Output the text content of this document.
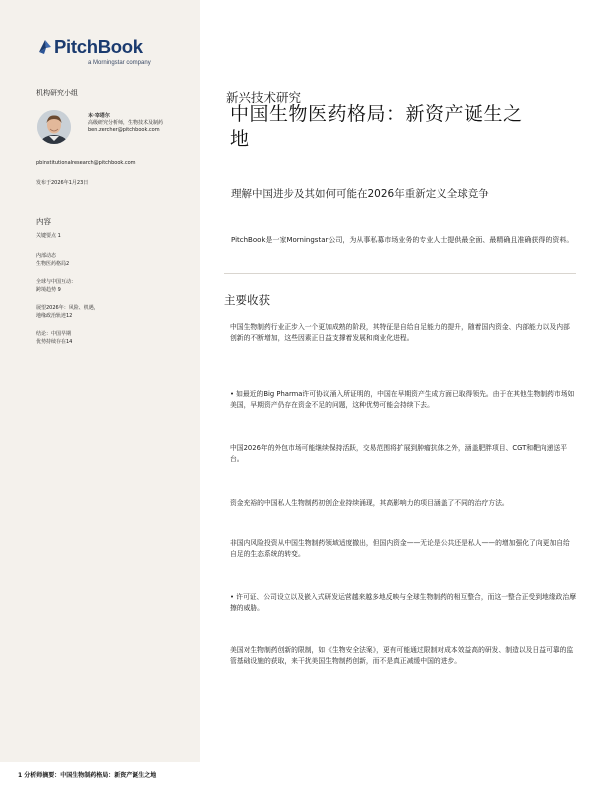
PitchBook
a Morningstar company
机构研究小组
本·宰塔尔
高级研究分析师，生物技术及制药
ben.zercher@pitchbook.com
pbinstitutionalresearch@pitchbook.com
发布于2026年1月23日
内容
关键要点 1
内部动态
生物医药格局2
全球与中国互动：
跨境趋势 9
展望2026年：风险、机遇，
地缘政治轨迹12
结论：中国早期
优势持续存在14
新兴技术研究
中国生物医药格局：新资产诞生之地
理解中国进步及其如何可能在2026年重新定义全球竞争
PitchBook是一家Morningstar公司，为从事私募市场业务的专业人士提供最全面、最精确且准确获得的资料。
主要收获
中国生物制药行业正步入一个更加成熟的阶段，其特征是自给自足能力的提升，随着国内资金、内部能力以及内部创新的不断增加，这些因素正日益支撑着发展和商业化进程。
• 如最近的Big Pharma许可协议涌入所证明的，中国在早期资产生成方面已取得领先。由于在其他生物制药市场如美国，早期资产仍存在资金不足的问题，这种优势可能会持续下去。
中国2026年的外包市场可能继续保持活跃，交易范围将扩展到肿瘤抗体之外，涵盖肥胖项目、CGT和靶向递送平台。
资金充裕的中国私人生物制药初创企业持续涌现，其高影响力的项目涵盖了不同的治疗方法。
非国内风险投资从中国生物制药领域适度撤出，但国内资金——无论是公共还是私人——的增加强化了向更加自给自足的生态系统的转变。
• 许可证、公司设立以及嵌入式研发运营越来越多地反映与全球生物制药的相互整合，而这一整合正受到地缘政治摩擦的威胁。
美国对生物制药创新的限制，如《生物安全法案》，更有可能通过限制对成本效益高的研发、制造以及日益可靠的监管基础设施的获取，来干扰美国生物制药创新，而不是真正减缓中国的进步。
1 分析师摘要：中国生物制药格局：新资产诞生之地
